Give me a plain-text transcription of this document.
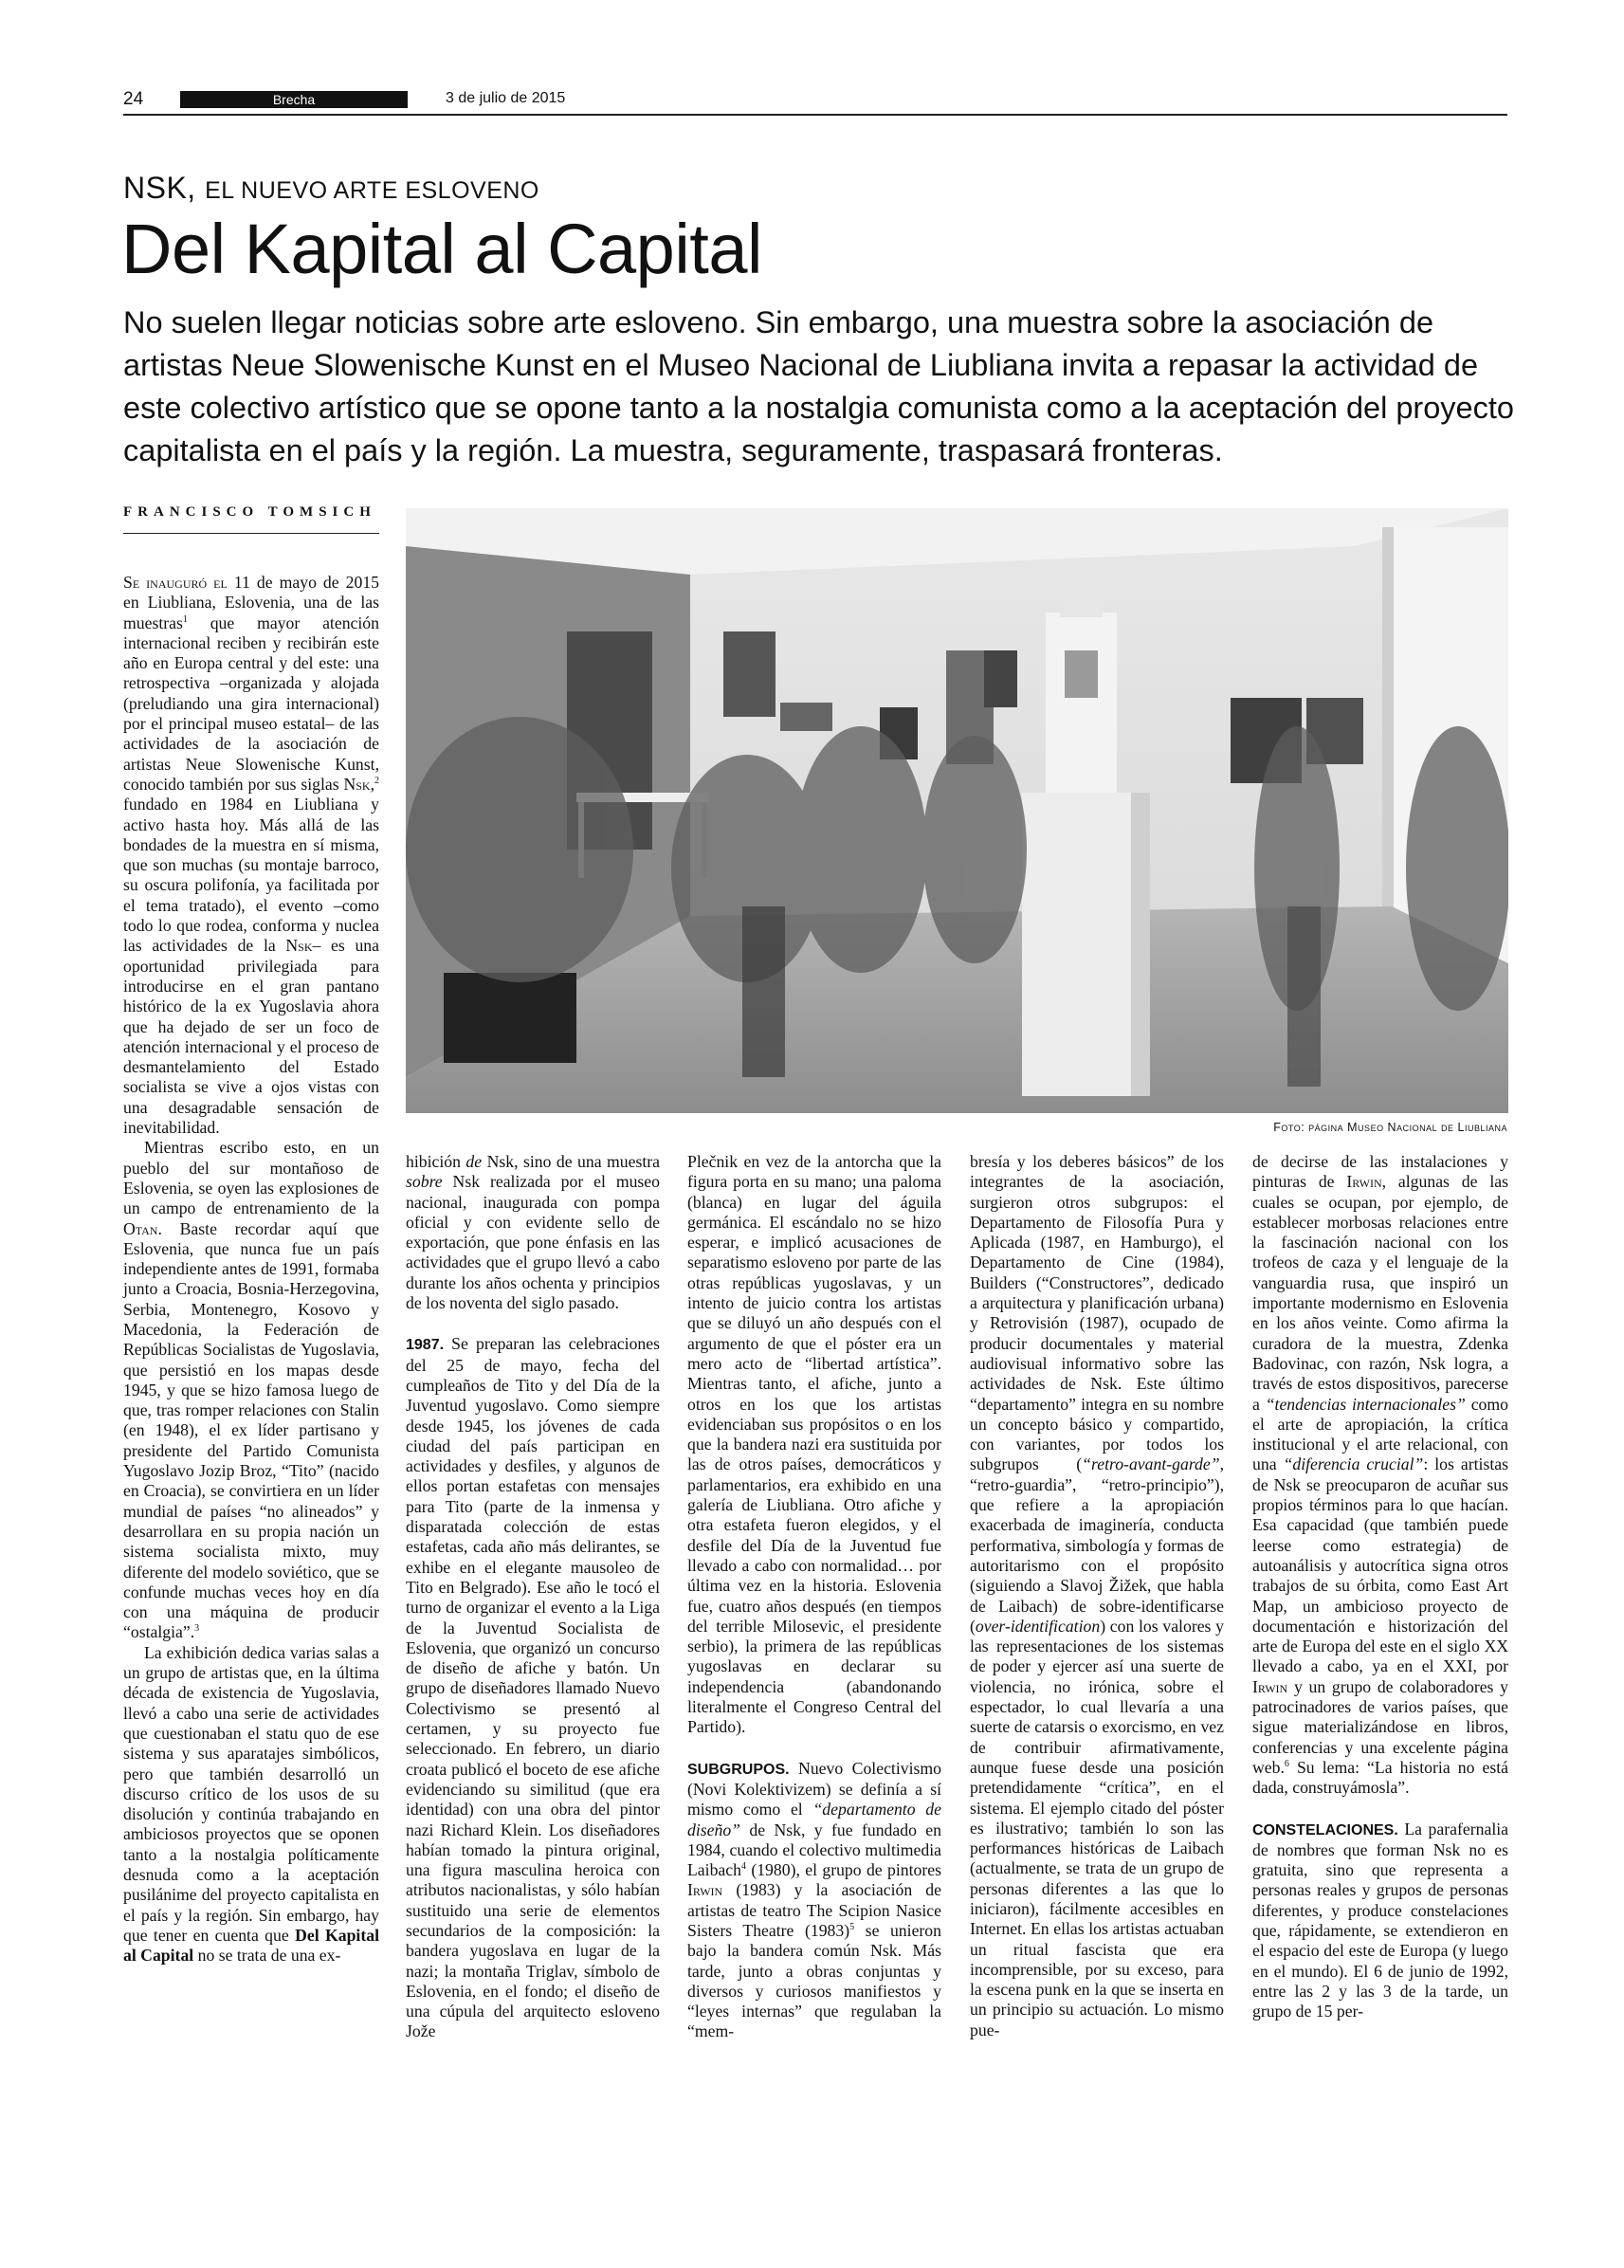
24	Brecha	3 de julio de 2015
NSK, EL NUEVO ARTE ESLOVENO
Del Kapital al Capital
No suelen llegar noticias sobre arte esloveno. Sin embargo, una muestra sobre la asociación de artistas Neue Slowenische Kunst en el Museo Nacional de Liubliana invita a repasar la actividad de este colectivo artístico que se opone tanto a la nostalgia comunista como a la aceptación del proyecto capitalista en el país y la región. La muestra, seguramente, traspasará fronteras.
FRANCISCO TOMSICH
Foto: página Museo Nacional de Liubliana

Se inauguró el 11 de mayo de 2015 en Liubliana, Eslovenia, una de las muestras$^1$ que mayor atención internacional reciben y recibirán este año en Europa central y del este: una retrospectiva –organizada y alojada (preludiando una gira internacional) por el principal museo estatal– de las actividades de la asociación de artistas Neue Slowenische Kunst, conocido también por sus siglas Nsk,$^2$ fundado en 1984 en Liubliana y activo hasta hoy. Más allá de las bondades de la muestra en sí misma, que son muchas (su montaje barroco, su oscura polifonía, ya facilitada por el tema tratado), el evento –como todo lo que rodea, conforma y nuclea las actividades de la Nsk– es una oportunidad privilegiada para introducirse en el gran pantano histórico de la ex Yugoslavia ahora que ha dejado de ser un foco de atención internacional y el proceso de desmantelamiento del Estado socialista se vive a ojos vistas con una desagradable sensación de inevitabilidad.

Mientras escribo esto, en un pueblo del sur montañoso de Eslovenia, se oyen las explosiones de un campo de entrenamiento de la Otan. Baste recordar aquí que Eslovenia, que nunca fue un país independiente antes de 1991, formaba junto a Croacia, Bosnia-Herzegovina, Serbia, Montenegro, Kosovo y Macedonia, la Federación de Repúblicas Socialistas de Yugoslavia, que persistió en los mapas desde 1945, y que se hizo famosa luego de que, tras romper relaciones con Stalin (en 1948), el ex líder partisano y presidente del Partido Comunista Yugoslavo Jozip Broz, “Tito” (nacido en Croacia), se convirtiera en un líder mundial de países “no alineados” y desarrollara en su propia nación un sistema socialista mixto, muy diferente del modelo soviético, que se confunde muchas veces hoy en día con una máquina de producir “ostalgia”.$^3$

La exhibición dedica varias salas a un grupo de artistas que, en la última década de existencia de Yugoslavia, llevó a cabo una serie de actividades que cuestionaban el statu quo de ese sistema y sus aparatajes simbólicos, pero que también desarrolló un discurso crítico de los usos de su disolución y continúa trabajando en ambiciosos proyectos que se oponen tanto a la nostalgia políticamente desnuda como a la aceptación pusilánime del proyecto capitalista en el país y la región. Sin embargo, hay que tener en cuenta que Del Kapital al Capital no se trata de una ex-

hibición de Nsk, sino de una muestra sobre Nsk realizada por el museo nacional, inaugurada con pompa oficial y con evidente sello de exportación, que pone énfasis en las actividades que el grupo llevó a cabo durante los años ochenta y principios de los noventa del siglo pasado.

1987. Se preparan las celebraciones del 25 de mayo, fecha del cumpleaños de Tito y del Día de la Juventud yugoslavo. Como siempre desde 1945, los jóvenes de cada ciudad del país participan en actividades y desfiles, y algunos de ellos portan estafetas con mensajes para Tito (parte de la inmensa y disparatada colección de estas estafetas, cada año más delirantes, se exhibe en el elegante mausoleo de Tito en Belgrado). Ese año le tocó el turno de organizar el evento a la Liga de la Juventud Socialista de Eslovenia, que organizó un concurso de diseño de afiche y batón. Un grupo de diseñadores llamado Nuevo Colectivismo se presentó al certamen, y su proyecto fue seleccionado. En febrero, un diario croata publicó el boceto de ese afiche evidenciando su similitud (que era identidad) con una obra del pintor nazi Richard Klein. Los diseñadores habían tomado la pintura original, una figura masculina heroica con atributos nacionalistas, y sólo habían sustituido una serie de elementos secundarios de la composición: la bandera yugoslava en lugar de la nazi; la montaña Triglav, símbolo de Eslovenia, en el fondo; el diseño de una cúpula del arquitecto esloveno Jože

Plečnik en vez de la antorcha que la figura porta en su mano; una paloma (blanca) en lugar del águila germánica. El escándalo no se hizo esperar, e implicó acusaciones de separatismo esloveno por parte de las otras repúblicas yugoslavas, y un intento de juicio contra los artistas que se diluyó un año después con el argumento de que el póster era un mero acto de “libertad artística”. Mientras tanto, el afiche, junto a otros en los que los artistas evidenciaban sus propósitos o en los que la bandera nazi era sustituida por las de otros países, democráticos y parlamentarios, era exhibido en una galería de Liubliana. Otro afiche y otra estafeta fueron elegidos, y el desfile del Día de la Juventud fue llevado a cabo con normalidad… por última vez en la historia. Eslovenia fue, cuatro años después (en tiempos del terrible Milosevic, el presidente serbio), la primera de las repúblicas yugoslavas en declarar su independencia (abandonando literalmente el Congreso Central del Partido).

SUBGRUPOS. Nuevo Colectivismo (Novi Kolektivizem) se definía a sí mismo como el “departamento de diseño” de Nsk, y fue fundado en 1984, cuando el colectivo multimedia Laibach$^4$ (1980), el grupo de pintores Irwin (1983) y la asociación de artistas de teatro The Scipion Nasice Sisters Theatre $(1983)^5$ se unieron bajo la bandera común Nsk. Más tarde, junto a obras conjuntas y diversos y curiosos manifiestos y “leyes internas” que regulaban la “mem-

bresía y los deberes básicos” de los integrantes de la asociación, surgieron otros subgrupos: el Departamento de Filosofía Pura y Aplicada (1987, en Hamburgo), el Departamento de Cine (1984), Builders (“Constructores”, dedicado a arquitectura y planificación urbana) y Retrovisión (1987), ocupado de producir documentales y material audiovisual informativo sobre las actividades de Nsk. Este último “departamento” integra en su nombre un concepto básico y compartido, con variantes, por todos los subgrupos (“retro-avant-garde”, “retro-guardia”, “retro-principio”), que refiere a la apropiación exacerbada de imaginería, conducta performativa, simbología y formas de autoritarismo con el propósito (siguiendo a Slavoj Žižek, que habla de Laibach) de sobre-identificarse (over-identification) con los valores y las representaciones de los sistemas de poder y ejercer así una suerte de violencia, no irónica, sobre el espectador, lo cual llevaría a una suerte de catarsis o exorcismo, en vez de contribuir afirmativamente, aunque fuese desde una posición pretendidamente “crítica”, en el sistema. El ejemplo citado del póster es ilustrativo; también lo son las performances históricas de Laibach (actualmente, se trata de un grupo de personas diferentes a las que lo iniciaron), fácilmente accesibles en Internet. En ellas los artistas actuaban un ritual fascista que era incomprensible, por su exceso, para la escena punk en la que se inserta en un principio su actuación. Lo mismo pue-

de decirse de las instalaciones y pinturas de Irwin, algunas de las cuales se ocupan, por ejemplo, de establecer morbosas relaciones entre la fascinación nacional con los trofeos de caza y el lenguaje de la vanguardia rusa, que inspiró un importante modernismo en Eslovenia en los años veinte. Como afirma la curadora de la muestra, Zdenka Badovinac, con razón, Nsk logra, a través de estos dispositivos, parecerse a “tendencias internacionales” como el arte de apropiación, la crítica institucional y el arte relacional, con una “diferencia crucial”: los artistas de Nsk se preocuparon de acuñar sus propios términos para lo que hacían. Esa capacidad (que también puede leerse como estrategia) de autoanálisis y autocrítica signa otros trabajos de su órbita, como East Art Map, un ambicioso proyecto de documentación e historización del arte de Europa del este en el siglo XX llevado a cabo, ya en el XXI, por Irwin y un grupo de colaboradores y patrocinadores de varios países, que sigue materializándose en libros, conferencias y una excelente página web.$^6$ Su lema: “La historia no está dada, construyámosla”.

CONSTELACIONES. La parafernalia de nombres que forman Nsk no es gratuita, sino que representa a personas reales y grupos de personas diferentes, y produce constelaciones que, rápidamente, se extendieron en el espacio del este de Europa (y luego en el mundo). El 6 de junio de 1992, entre las 2 y las 3 de la tarde, un grupo de 15 per-
